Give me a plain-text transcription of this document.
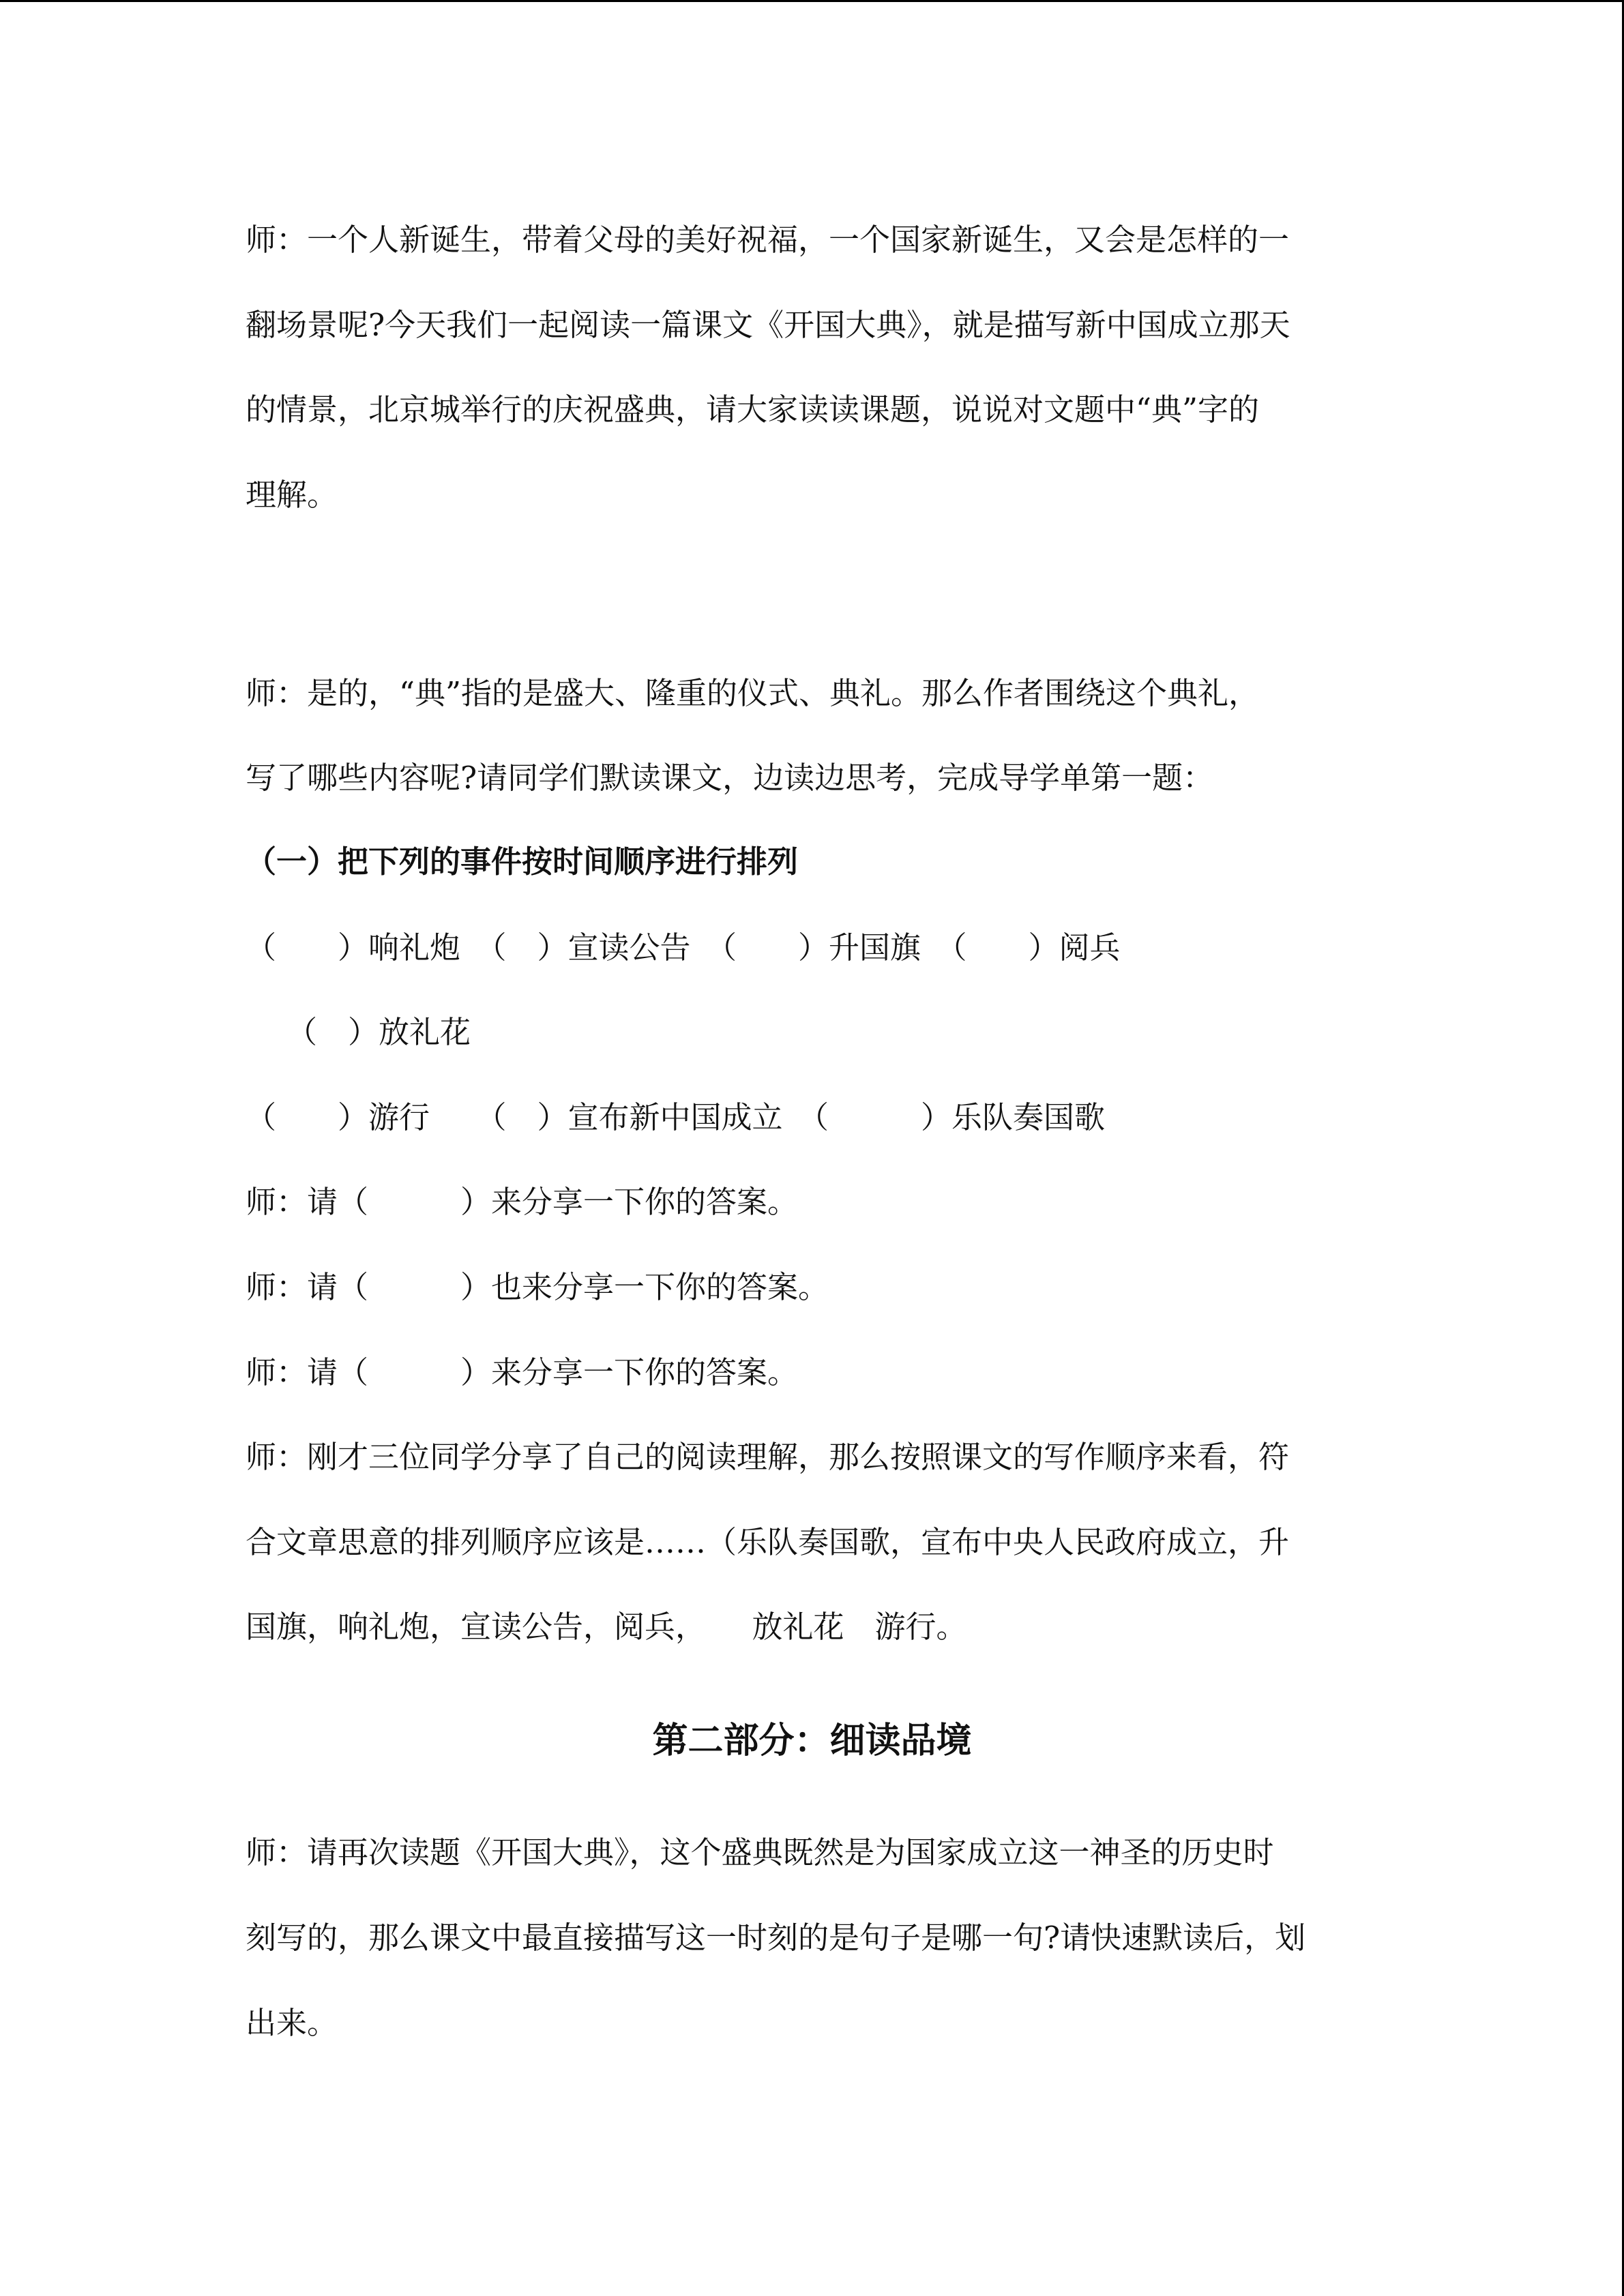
师：一个人新诞生，带着父母的美好祝福，一个国家新诞生，又会是怎样的一
翻场景呢?今天我们一起阅读一篇课文《开国大典》，就是描写新中国成立那天
的情景，北京城举行的庆祝盛典，请大家读读课题，说说对文题中“典”字的
理解。
师：是的，“典”指的是盛大、隆重的仪式、典礼。那么作者围绕这个典礼，
写了哪些内容呢?请同学们默读课文，边读边思考，完成导学单第一题：
（一）把下列的事件按时间顺序进行排列
（　　）响礼炮　（　）宣读公告　（　　）升国旗　（　　）阅兵
（　）放礼花
（　　）游行　　（　）宣布新中国成立　（　　　）乐队奏国歌
师：请（　　　）来分享一下你的答案。
师：请（　　　）也来分享一下你的答案。
师：请（　　　）来分享一下你的答案。
师：刚才三位同学分享了自己的阅读理解，那么按照课文的写作顺序来看，符
合文章思意的排列顺序应该是……（乐队奏国歌，宣布中央人民政府成立，升
国旗，响礼炮，宣读公告，阅兵，　　放礼花　游行。
第二部分：细读品境
师：请再次读题《开国大典》，这个盛典既然是为国家成立这一神圣的历史时
刻写的，那么课文中最直接描写这一时刻的是句子是哪一句?请快速默读后，划
出来。
